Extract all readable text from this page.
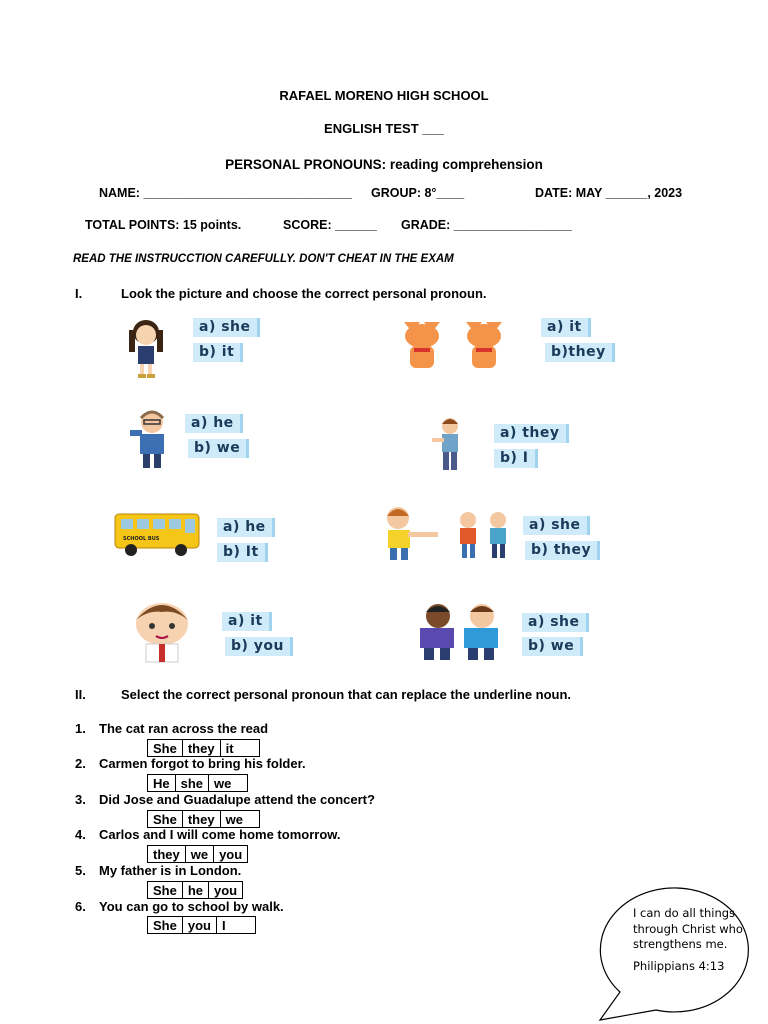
RAFAEL MORENO HIGH SCHOOL
ENGLISH TEST ___
PERSONAL PRONOUNS: reading comprehension
NAME: ______________________________ GROUP: 8°____	DATE: MAY ______, 2023
TOTAL POINTS: 15 points.	SCORE: ______ GRADE: _________________
READ THE INSTRUCCTION CAREFULLY. DON'T CHEAT IN THE EXAM
I.	Look the picture and choose the correct personal pronoun.
a) she
b) it
a) it
b)they
a) he
b) we
a) they
b) I
SCHOOL BUS
a) he
b) It
a) she
b) they
a) it
b) you
a) she
b) we
II.	Select the correct personal pronoun that can replace the underline noun.
1. The cat ran across the read
She they it
2. Carmen forgot to bring his folder.
He she we
3. Did Jose and Guadalupe attend the concert?
She they we
4. Carlos and I will come home tomorrow.
they we you
5. My father is in London.
She he you
6. You can go to school by walk.
She you I
I can do all things
through Christ who
strengthens me.
Philippians 4:13
